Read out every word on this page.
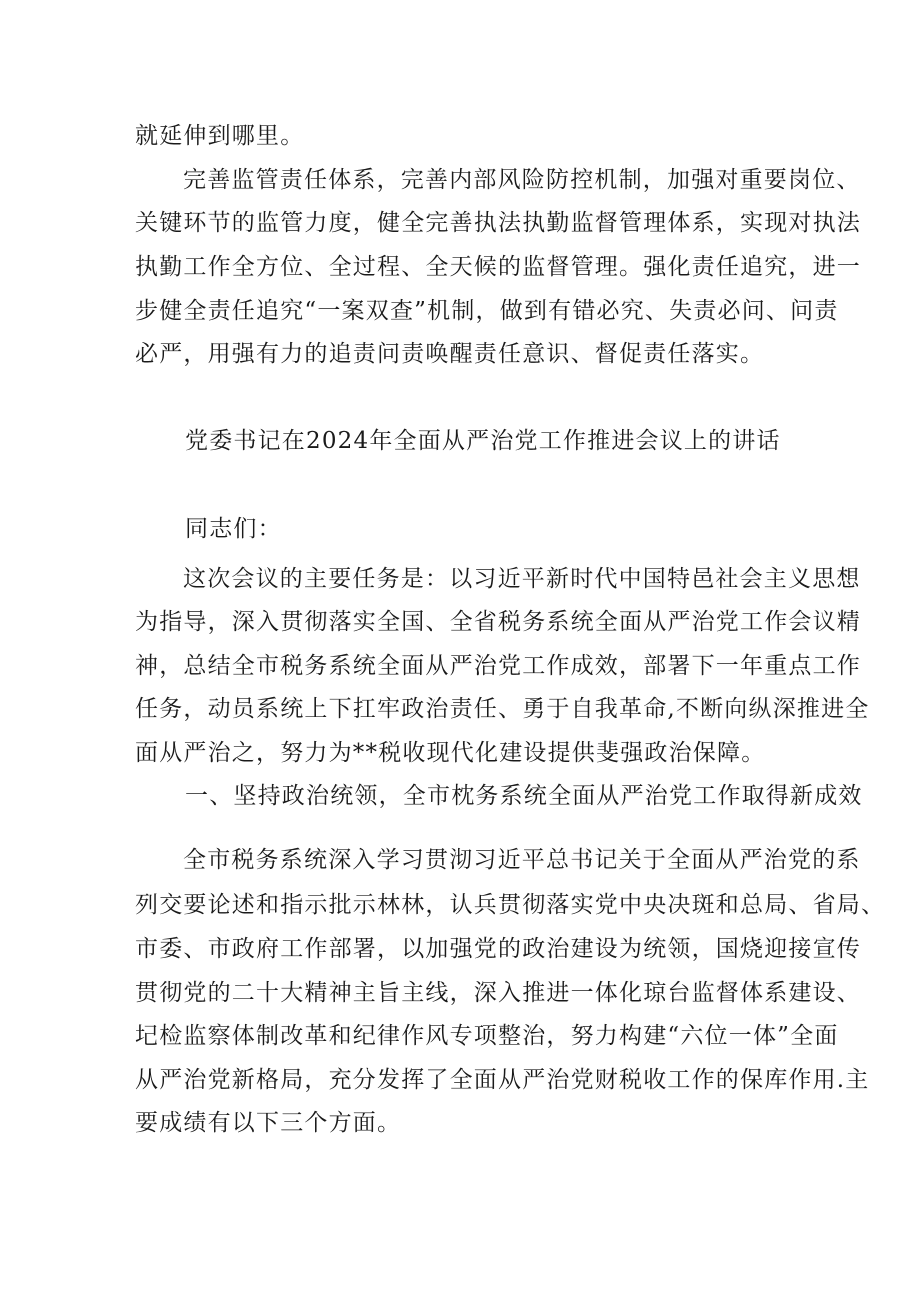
就延伸到哪里。
完善监管责任体系，完善内部风险防控机制，加强对重要岗位、
关键环节的监管力度，健全完善执法执勤监督管理体系，实现对执法
执勤工作全方位、全过程、全天候的监督管理。强化责任追究，进一
步健全责任追究“一案双查”机制，做到有错必究、失责必问、问责
必严，用强有力的追责问责唤醒责任意识、督促责任落实。
党委书记在2024年全面从严治党工作推进会议上的讲话
同志们：
这次会议的主要任务是：以习近平新时代中国特邑社会主义思想
为指导，深入贯彻落实全国、全省税务系统全面从严治党工作会议精
神，总结全市税务系统全面从严治党工作成效，部署下一年重点工作
任务，动员系统上下扛牢政治责任、勇于自我革命,不断向纵深推进全
面从严治之，努力为**税收现代化建设提供斐强政治保障。
一、坚持政治统领，全市枕务系统全面从严治党工作取得新成效
全市税务系统深入学习贯沏习近平总书记关于全面从严治党的系
列交要论述和指示批示林林，认兵贯彻落实党中央决斑和总局、省局、
市委、市政府工作部署，以加强党的政治建设为统领，国烧迎接宣传
贯彻党的二十大精神主旨主线，深入推进一体化琼台监督体系建设、
圮检监察体制改革和纪律作风专项整治，努力构建“六位一体”全面
从严治党新格局，充分发挥了全面从严治党财税收工作的保库作用.主
要成绩有以下三个方面。
